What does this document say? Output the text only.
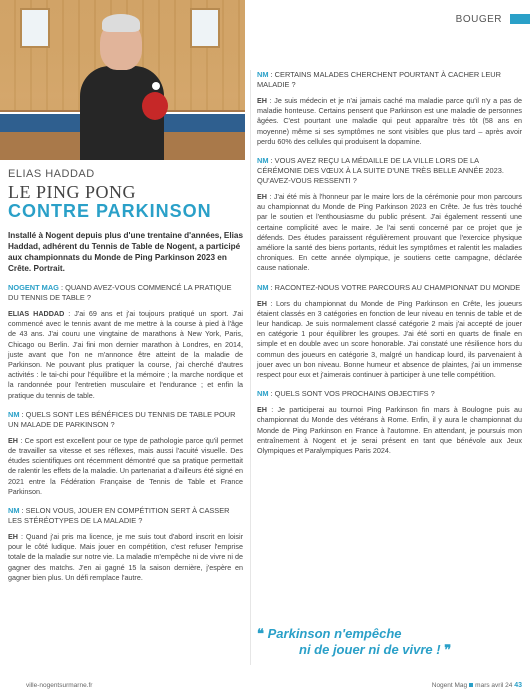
BOUGER
ELIAS HADDAD
LE PING PONG
CONTRE PARKINSON

Installé à Nogent depuis plus d'une trentaine d'années, Elias Haddad, adhérent du Tennis de Table de Nogent, a participé aux championnats du Monde de Ping Parkinson 2023 en Crête. Portrait.

NOGENT MAG : QUAND AVEZ-VOUS COMMENCÉ LA PRATIQUE DU TENNIS DE TABLE ?

ELIAS HADDAD : J'ai 69 ans et j'ai toujours pratiqué un sport. J'ai commencé avec le tennis avant de me mettre à la course à pied à l'âge de 43 ans. J'ai couru une vingtaine de marathons à New York, Paris, Chicago ou Berlin. J'ai fini mon dernier marathon à Londres, en 2014, juste avant que l'on ne m'annonce être atteint de la maladie de Parkinson. Ne pouvant plus pratiquer la course, j'ai cherché d'autres activités : le tai-chi pour l'équilibre et la mémoire ; la marche nordique et la randonnée pour l'entretien musculaire et l'endurance ; et enfin la pratique du tennis de table.

NM : QUELS SONT LES BÉNÉFICES DU TENNIS DE TABLE POUR UN MALADE DE PARKINSON ?

EH : Ce sport est excellent pour ce type de pathologie parce qu'il permet de travailler sa vitesse et ses réflexes, mais aussi l'acuité visuelle. Des études scientifiques ont récemment démontré que sa pratique permettait de ralentir les effets de la maladie. Un partenariat a d'ailleurs été signé en 2021 entre la Fédération Française de Tennis de Table et France Parkinson.

NM : SELON VOUS, JOUER EN COMPÉTITION SERT À CASSER LES STÉRÉOTYPES DE LA MALADIE ?

EH : Quand j'ai pris ma licence, je me suis tout d'abord inscrit en loisir pour le côté ludique. Mais jouer en compétition, c'est refuser l'emprise totale de la maladie sur notre vie. La maladie m'empêche ni de vivre ni de gagner des matchs. J'en ai gagné 15 la saison dernière, j'espère en gagner bien plus. Un défi remplace l'autre.

NM : CERTAINS MALADES CHERCHENT POURTANT À CACHER LEUR MALADIE ?

EH : Je suis médecin et je n'ai jamais caché ma maladie parce qu'il n'y a pas de maladie honteuse. Certains pensent que Parkinson est une maladie de personnes âgées. C'est pourtant une maladie qui peut apparaître très tôt (58 ans en moyenne) même si ses symptômes ne sont visibles que plus tard – après avoir perdu 60% des cellules qui produisent la dopamine.

NM : VOUS AVEZ REÇU LA MÉDAILLE DE LA VILLE LORS DE LA CÉRÉMONIE DES VŒUX À LA SUITE D'UNE TRÈS BELLE ANNÉE 2023. QU'AVEZ-VOUS RESSENTI ?

EH : J'ai été mis à l'honneur par le maire lors de la cérémonie pour mon parcours au championnat du Monde de Ping Parkinson 2023 en Crête. Je fus très touché par le soutien et l'enthousiasme du public présent. J'ai également ressenti une certaine complicité avec le maire. Je l'ai senti concerné par ce projet que je défends. Des études paraissent régulièrement prouvant que l'exercice physique améliore la santé des biens portants, réduit les symptômes et ralentit les maladies chroniques. En cette année olympique, je soutiens cette campagne, déclarée cause nationale.

NM : RACONTEZ-NOUS VOTRE PARCOURS AU CHAMPIONNAT DU MONDE

EH : Lors du championnat du Monde de Ping Parkinson en Crête, les joueurs étaient classés en 3 catégories en fonction de leur niveau en tennis de table et de leur handicap. Je suis normalement classé catégorie 2 mais j'ai accepté de jouer en catégorie 1 pour équilibrer les groupes. J'ai été sorti en quarts de finale en simple et en double avec un score honorable. J'ai constaté une résilience hors du commun des joueurs en catégorie 3, malgré un handicap lourd, ils parvenaient à jouer avec un bon niveau. Bonne humeur et absence de plaintes, j'ai un immense respect pour eux et j'aimerais continuer à participer à une telle compétition.

NM : QUELS SONT VOS PROCHAINS OBJECTIFS ?

EH : Je participerai au tournoi Ping Parkinson fin mars à Boulogne puis au championnat du Monde des vétérans à Rome. Enfin, il y aura le championnat du Monde de Ping Parkinson en France à l'automne. En attendant, je poursuis mon entraînement à Nogent et je serai présent en tant que bénévole aux Jeux Olympiques et Paralympiques Paris 2024.

❝ Parkinson n'empêche
ni de jouer ni de vivre ! ❞
ville-nogentsurmarne.fr	Nogent Mag mars avril 24 43
